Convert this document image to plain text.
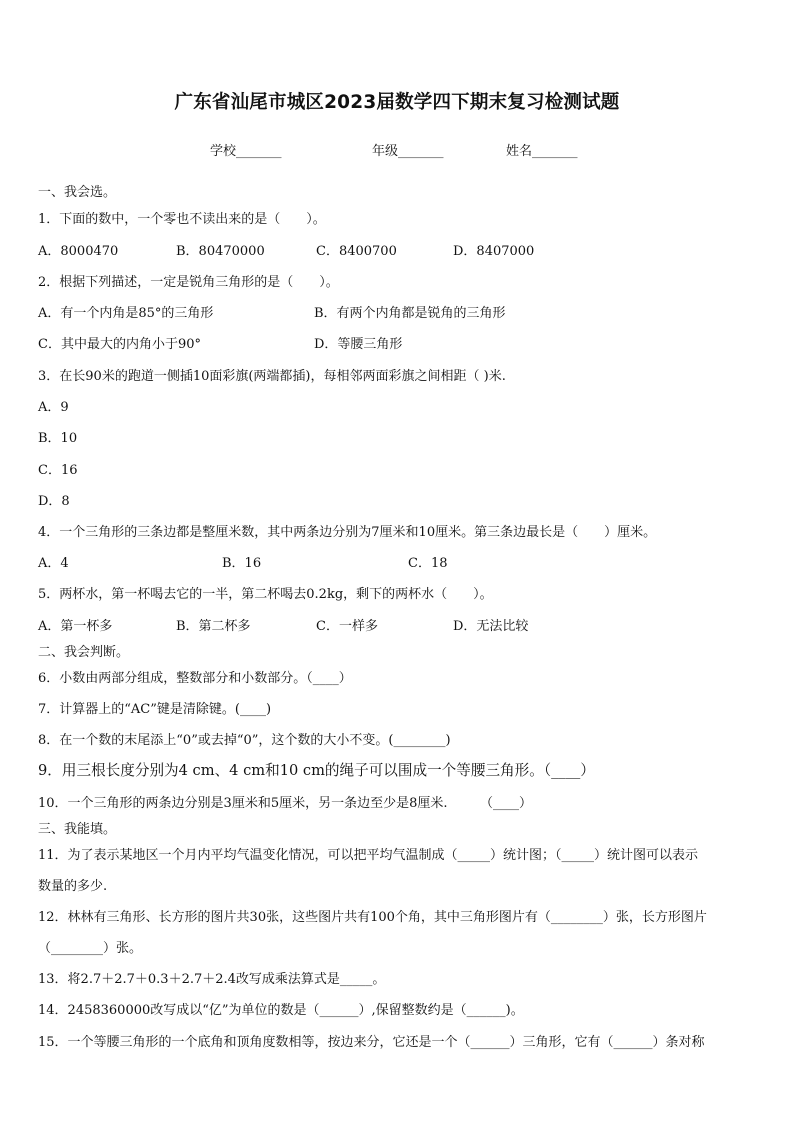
广东省汕尾市城区2023届数学四下期末复习检测试题
学校_______	年级_______	姓名_______
一、我会选。
1．下面的数中，一个零也不读出来的是（　　）。
A．8000470	B．80470000	C．8400700	D．8407000
2．根据下列描述，一定是锐角三角形的是（　　）。
A．有一个内角是85°的三角形	B．有两个内角都是锐角的三角形
C．其中最大的内角小于90°	D．等腰三角形
3．在长90米的跑道一侧插10面彩旗(两端都插)，每相邻两面彩旗之间相距（ )米.
A．9
B．10
C．16
D．8
4．一个三角形的三条边都是整厘米数，其中两条边分别为7厘米和10厘米。第三条边最长是（　　）厘米。
A．4	B．16	C．18
5．两杯水，第一杯喝去它的一半，第二杯喝去0.2kg，剩下的两杯水（　　）。
A．第一杯多	B．第二杯多	C．一样多	D．无法比较
二、我会判断。
6．小数由两部分组成，整数部分和小数部分。（____）
7．计算器上的“AC”键是清除键。(____)
8．在一个数的末尾添上“0”或去掉“0”，这个数的大小不变。(________)
9．用三根长度分别为4 cm、4 cm和10 cm的绳子可以围成一个等腰三角形。（____）
10．一个三角形的两条边分别是3厘米和5厘米，另一条边至少是8厘米.　　　（____）
三、我能填。
11．为了表示某地区一个月内平均气温变化情况，可以把平均气温制成（_____）统计图；（_____）统计图可以表示
数量的多少.
12．林林有三角形、长方形的图片共30张，这些图片共有100个角，其中三角形图片有（________）张，长方形图片
（________）张。
13．将2.7＋2.7＋0.3＋2.7＋2.4改写成乘法算式是_____。
14．2458360000改写成以“亿”为单位的数是（______）,保留整数约是（______)。
15．一个等腰三角形的一个底角和顶角度数相等，按边来分，它还是一个（______）三角形，它有（______）条对称
